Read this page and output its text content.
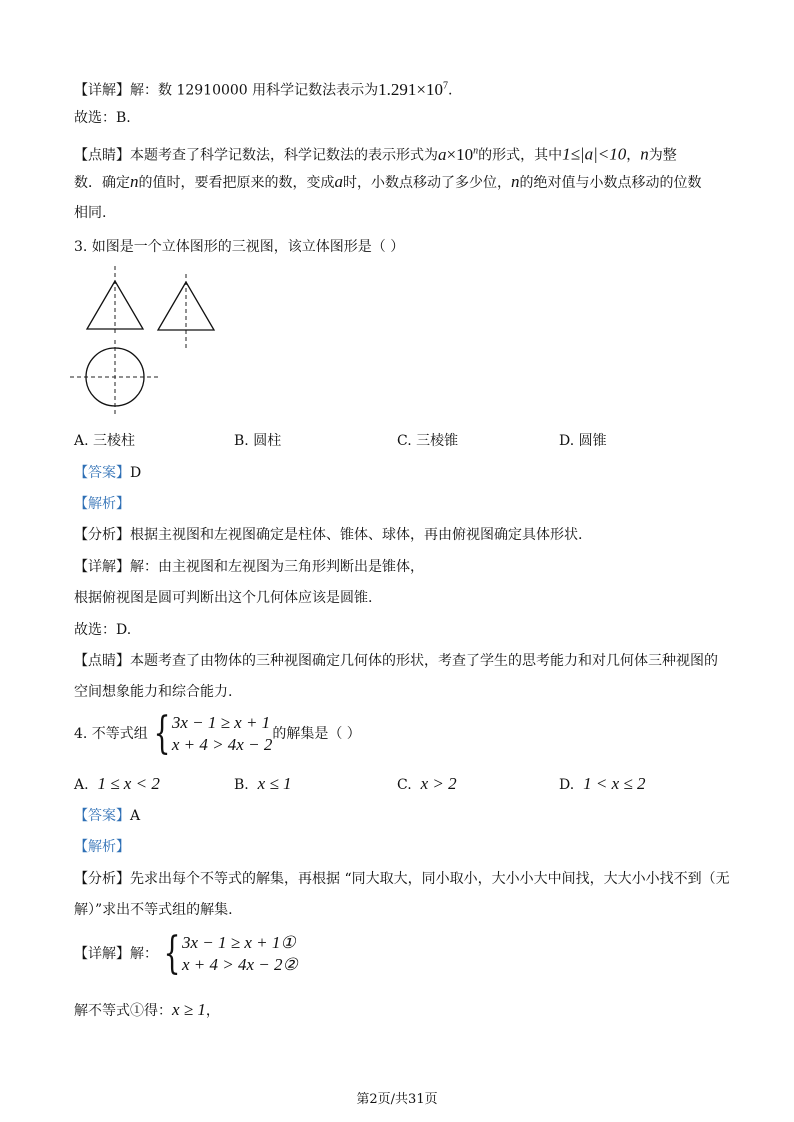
【详解】解：数 12910000 用科学记数法表示为$1.291\times 10^7$.
故选：B.
【点睛】本题考查了科学记数法，科学记数法的表示形式为$a\times 10^n$的形式，其中1≤|a|<10，n为整
数．确定n的值时，要看把原来的数，变成a时，小数点移动了多少位，n的绝对值与小数点移动的位数
相同.
3. 如图是一个立体图形的三视图，该立体图形是（ ）
A. 三棱柱	B. 圆柱	C. 三棱锥	D. 圆锥
【答案】D
【解析】
【分析】根据主视图和左视图确定是柱体、锥体、球体，再由俯视图确定具体形状.
【详解】解：由主视图和左视图为三角形判断出是锥体，
根据俯视图是圆可判断出这个几何体应该是圆锥.
故选：D.
【点睛】本题考查了由物体的三种视图确定几何体的形状，考查了学生的思考能力和对几何体三种视图的
空间想象能力和综合能力.
4. 不等式组 { 3x − 1 ≥ x + 1
x + 4 > 4x − 2
的解集是（ ）
A. 1 ≤ x < 2	B. x ≤ 1	C. x > 2	D. 1 < x ≤ 2
【答案】A
【解析】
【分析】先求出每个不等式的解集，再根据 “同大取大，同小取小，大小小大中间找，大大小小找不到（无
解）”求出不等式组的解集.
【详解】解： { 3x − 1 ≥ x + 1①
x + 4 > 4x − 2②
解不等式①得：x ≥ 1，
第2页/共31页
